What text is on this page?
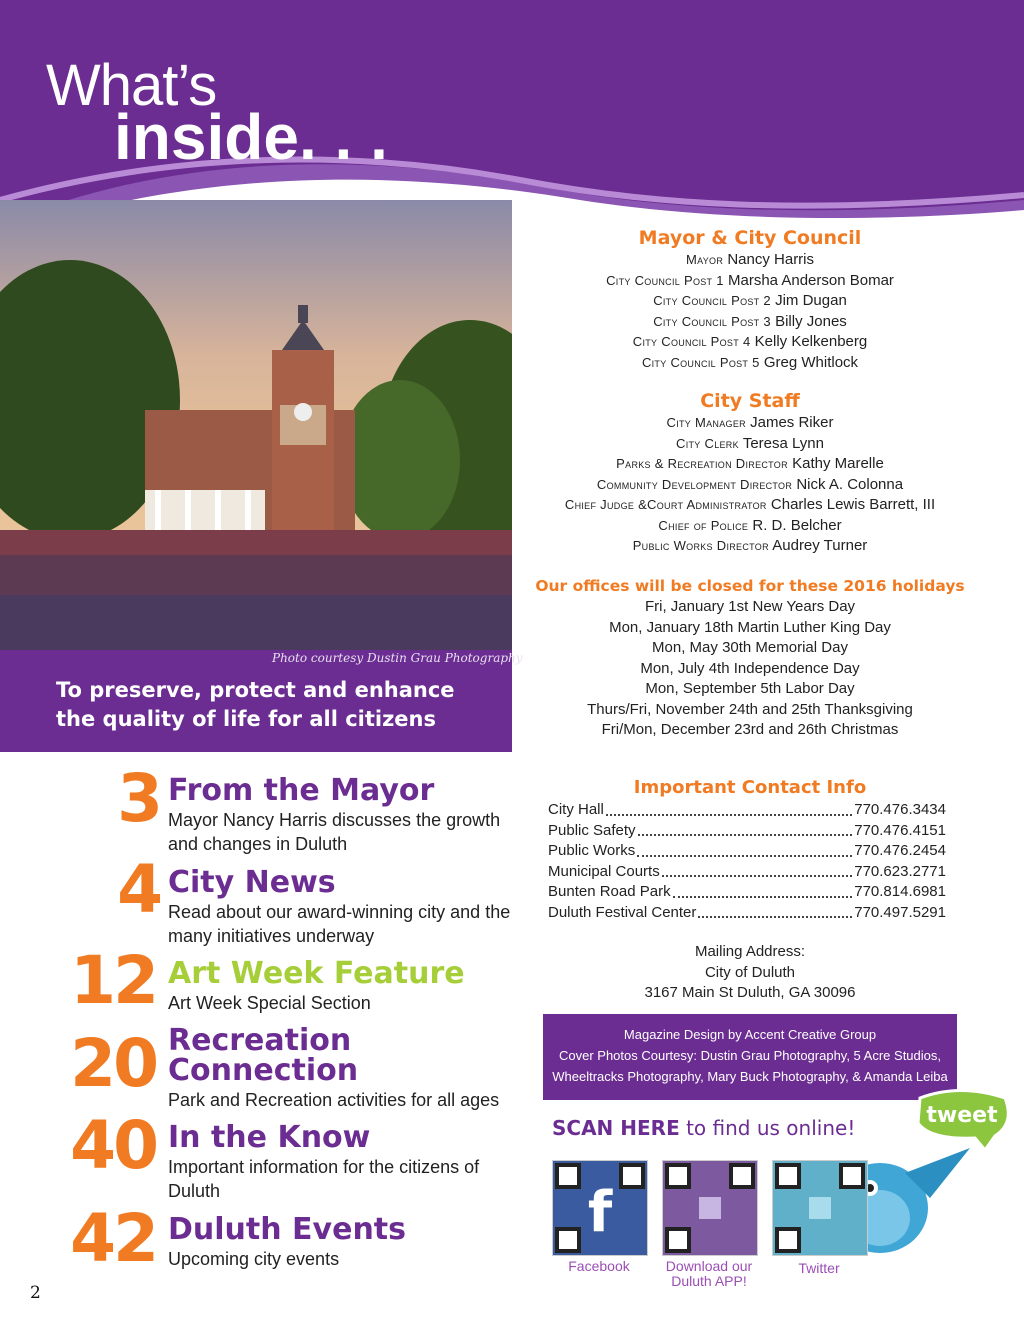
What’s
inside. . .
Photo courtesy Dustin Grau Photography
To preserve, protect and enhance the quality of life for all citizens
Mayor & City Council
Mayor Nancy Harris
City Council Post 1 Marsha Anderson Bomar
City Council Post 2 Jim Dugan
City Council Post 3 Billy Jones
City Council Post 4 Kelly Kelkenberg
City Council Post 5 Greg Whitlock
City Staff
City Manager James Riker
City Clerk Teresa Lynn
Parks & Recreation Director Kathy Marelle
Community Development Director Nick A. Colonna
Chief Judge &Court Administrator Charles Lewis Barrett, III
Chief of Police R. D. Belcher
Public Works Director Audrey Turner
Our offices will be closed for these 2016 holidays
Fri, January 1st New Years Day
Mon, January 18th Martin Luther King Day
Mon, May 30th Memorial Day
Mon, July 4th Independence Day
Mon, September 5th Labor Day
Thurs/Fri, November 24th and 25th Thanksgiving
Fri/Mon, December 23rd and 26th Christmas
Important Contact Info
City Hall	770.476.3434
Public Safety	770.476.4151
Public Works	770.476.2454
Municipal Courts	770.623.2771
Bunten Road Park	770.814.6981
Duluth Festival Center	770.497.5291
Mailing Address:
City of Duluth
3167 Main St Duluth, GA 30096
Magazine Design by Accent Creative Group
Cover Photos Courtesy: Dustin Grau Photography, 5 Acre Studios,
Wheeltracks Photography, Mary Buck Photography, & Amanda Leiba
SCAN HERE to find us online!	tweet
f
Facebook	Download our
Duluth APP!
Twitter
3 From the Mayor
Mayor Nancy Harris discusses the growth and changes in Duluth
4 City News
Read about our award-winning city and the many initiatives underway
12 Art Week Feature
Art Week Special Section
20 Recreation
Connection
Park and Recreation activities for all ages
40 In the Know
Important information for the citizens of Duluth
42 Duluth Events
Upcoming city events
2
